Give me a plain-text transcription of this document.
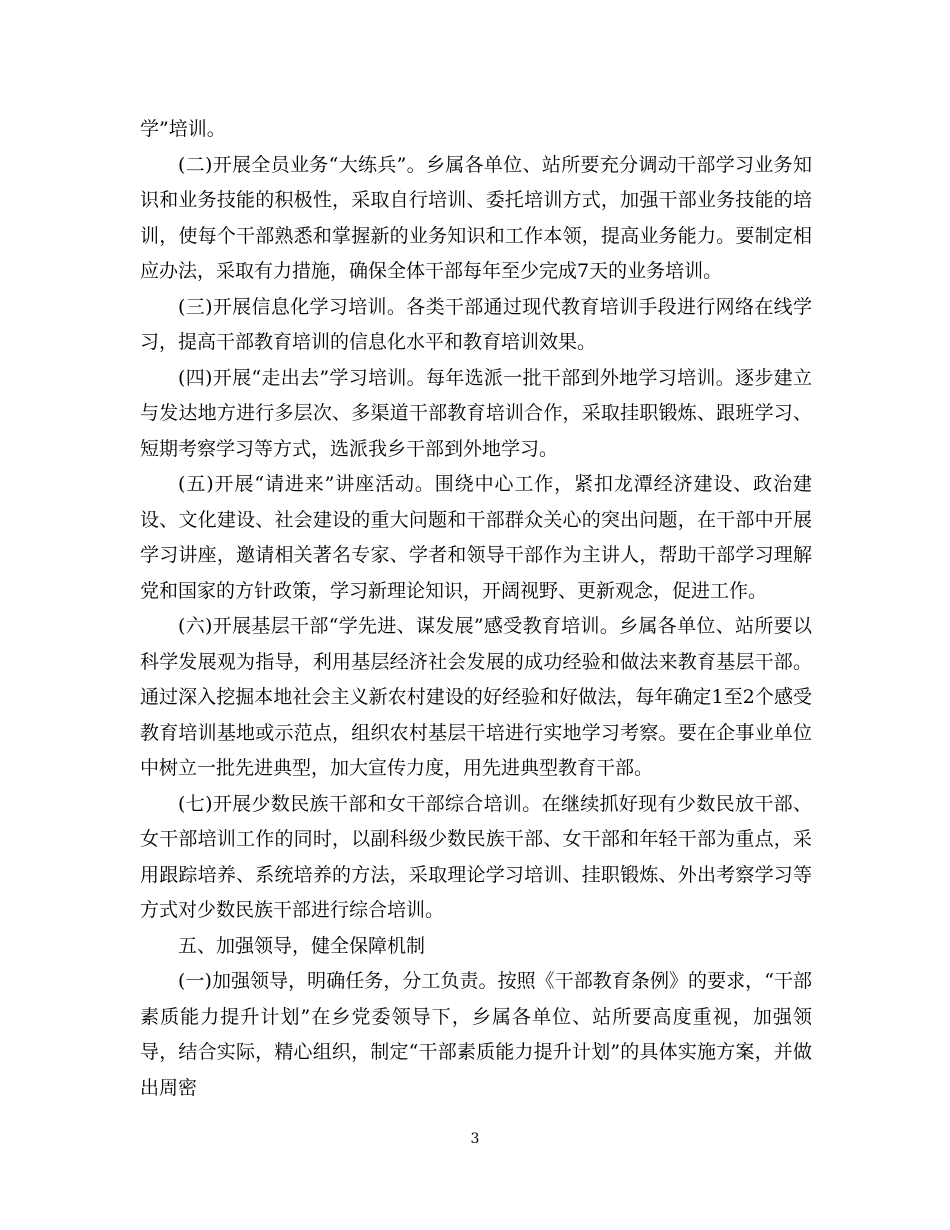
学”培训。

(二)开展全员业务“大练兵”。乡属各单位、站所要充分调动干部学习业务知识和业务技能的积极性，采取自行培训、委托培训方式，加强干部业务技能的培训，使每个干部熟悉和掌握新的业务知识和工作本领，提高业务能力。要制定相应办法，采取有力措施，确保全体干部每年至少完成7天的业务培训。

(三)开展信息化学习培训。各类干部通过现代教育培训手段进行网络在线学习，提高干部教育培训的信息化水平和教育培训效果。

(四)开展“走出去”学习培训。每年选派一批干部到外地学习培训。逐步建立与发达地方进行多层次、多渠道干部教育培训合作，采取挂职锻炼、跟班学习、短期考察学习等方式，选派我乡干部到外地学习。

(五)开展“请进来”讲座活动。围绕中心工作，紧扣龙潭经济建设、政治建设、文化建设、社会建设的重大问题和干部群众关心的突出问题，在干部中开展学习讲座，邀请相关著名专家、学者和领导干部作为主讲人，帮助干部学习理解党和国家的方针政策，学习新理论知识，开阔视野、更新观念，促进工作。

(六)开展基层干部“学先进、谋发展”感受教育培训。乡属各单位、站所要以科学发展观为指导，利用基层经济社会发展的成功经验和做法来教育基层干部。通过深入挖掘本地社会主义新农村建设的好经验和好做法，每年确定1至2个感受教育培训基地或示范点，组织农村基层干培进行实地学习考察。要在企事业单位中树立一批先进典型，加大宣传力度，用先进典型教育干部。

(七)开展少数民族干部和女干部综合培训。在继续抓好现有少数民放干部、女干部培训工作的同时，以副科级少数民族干部、女干部和年轻干部为重点，采用跟踪培养、系统培养的方法，采取理论学习培训、挂职锻炼、外出考察学习等方式对少数民族干部进行综合培训。

五、加强领导，健全保障机制

(一)加强领导，明确任务，分工负责。按照《干部教育条例》的要求，“干部素质能力提升计划”在乡党委领导下，乡属各单位、站所要高度重视，加强领导，结合实际，精心组织，制定“干部素质能力提升计划”的具体实施方案，并做出周密

3
